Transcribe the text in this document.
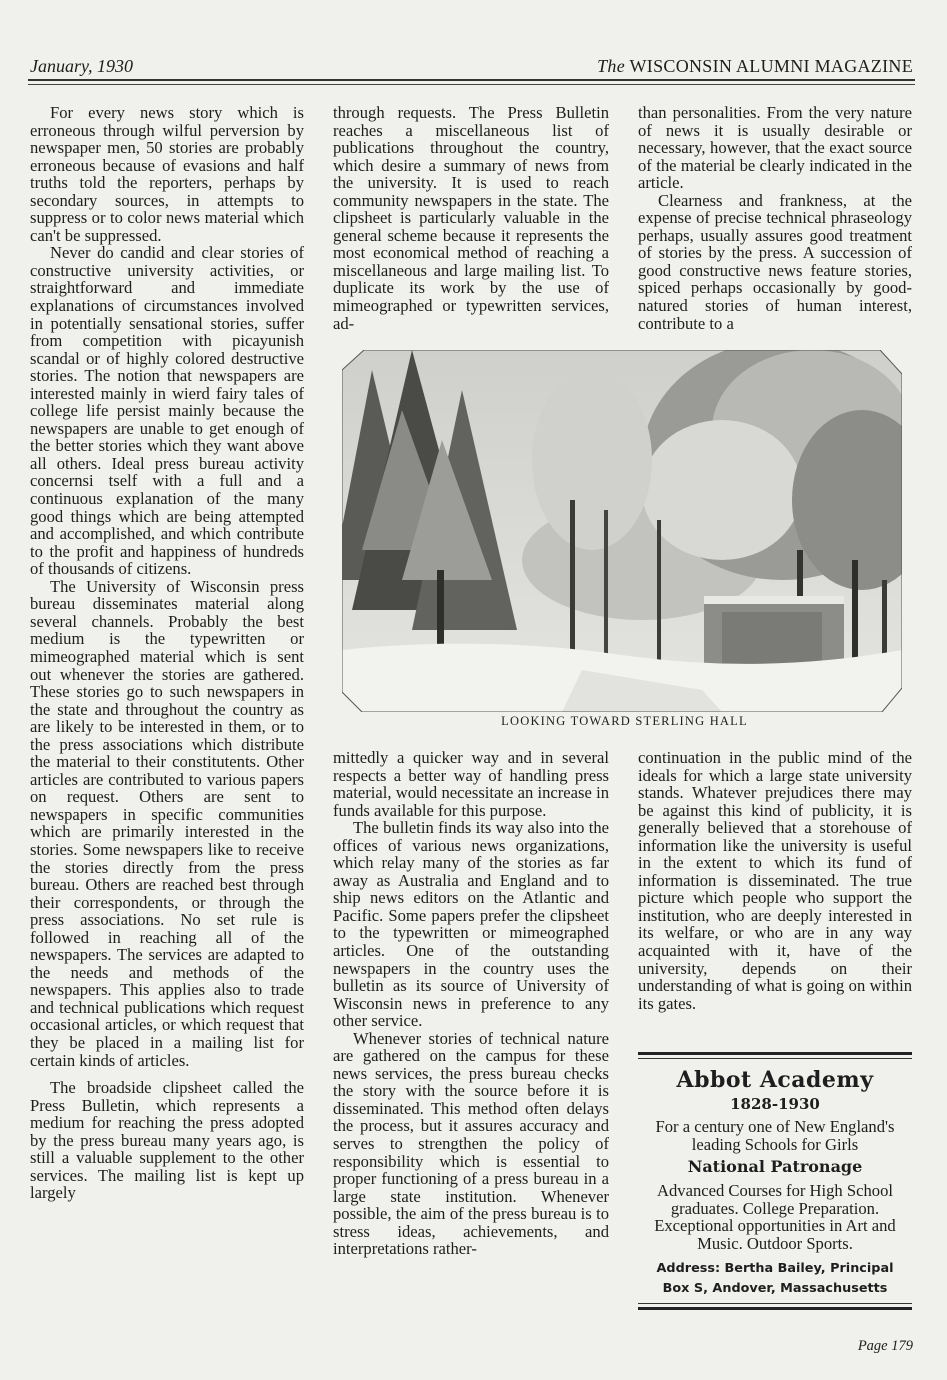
January, 1930	The WISCONSIN ALUMNI MAGAZINE

For every news story which is erroneous through wilful perversion by newspaper men, 50 stories are probably erroneous because of evasions and half truths told the reporters, perhaps by secondary sources, in attempts to suppress or to color news material which can't be suppressed.

Never do candid and clear stories of constructive university activities, or straightforward and immediate explanations of circumstances involved in potentially sensational stories, suffer from competition with picayunish scandal or of highly colored destructive stories. The notion that newspapers are interested mainly in wierd fairy tales of college life persist mainly because the newspapers are unable to get enough of the better stories which they want above all others. Ideal press bureau activity concernsi tself with a full and a continuous explanation of the many good things which are being attempted and accomplished, and which contribute to the profit and happiness of hundreds of thousands of citizens.

The University of Wisconsin press bureau disseminates material along several channels. Probably the best medium is the typewritten or mimeographed material which is sent out whenever the stories are gathered. These stories go to such newspapers in the state and throughout the country as are likely to be interested in them, or to the press associations which distribute the material to their constitutents. Other articles are contributed to various papers on request. Others are sent to newspapers in specific communities which are primarily interested in the stories. Some newspapers like to receive the stories directly from the press bureau. Others are reached best through their correspondents, or through the press associations. No set rule is followed in reaching all of the newspapers. The services are adapted to the needs and methods of the newspapers. This applies also to trade and technical publications which request occasional articles, or which request that they be placed in a mailing list for certain kinds of articles.

The broadside clipsheet called the Press Bulletin, which represents a medium for reaching the press adopted by the press bureau many years ago, is still a valuable supplement to the other services. The mailing list is kept up largely

through requests. The Press Bulletin reaches a miscellaneous list of publications throughout the country, which desire a summary of news from the university. It is used to reach community newspapers in the state. The clipsheet is particularly valuable in the general scheme because it represents the most economical method of reaching a miscellaneous and large mailing list. To duplicate its work by the use of mimeographed or typewritten services, ad-

than personalities. From the very nature of news it is usually desirable or necessary, however, that the exact source of the material be clearly indicated in the article.

Clearness and frankness, at the expense of precise technical phraseology perhaps, usually assures good treatment of stories by the press. A succession of good constructive news feature stories, spiced perhaps occasionally by good-natured stories of human interest, contribute to a

LOOKING TOWARD STERLING HALL

mittedly a quicker way and in several respects a better way of handling press material, would necessitate an increase in funds available for this purpose.

The bulletin finds its way also into the offices of various news organizations, which relay many of the stories as far away as Australia and England and to ship news editors on the Atlantic and Pacific. Some papers prefer the clipsheet to the typewritten or mimeographed articles. One of the outstanding newspapers in the country uses the bulletin as its source of University of Wisconsin news in preference to any other service.

Whenever stories of technical nature are gathered on the campus for these news services, the press bureau checks the story with the source before it is disseminated. This method often delays the process, but it assures accuracy and serves to strengthen the policy of responsibility which is essential to proper functioning of a press bureau in a large state institution. Whenever possible, the aim of the press bureau is to stress ideas, achievements, and interpretations rather-

continuation in the public mind of the ideals for which a large state university stands. Whatever prejudices there may be against this kind of publicity, it is generally believed that a storehouse of information like the university is useful in the extent to which its fund of information is disseminated. The true picture which people who support the institution, who are deeply interested in its welfare, or who are in any way acquainted with it, have of the university, depends on their understanding of what is going on within its gates.

Abbot Academy
1828-1930
For a century one of New England's leading Schools for Girls
National Patronage
Advanced Courses for High School graduates. College Preparation. Exceptional opportunities in Art and Music. Outdoor Sports.
Address: Bertha Bailey, Principal
Box S, Andover, Massachusetts
Page 179
